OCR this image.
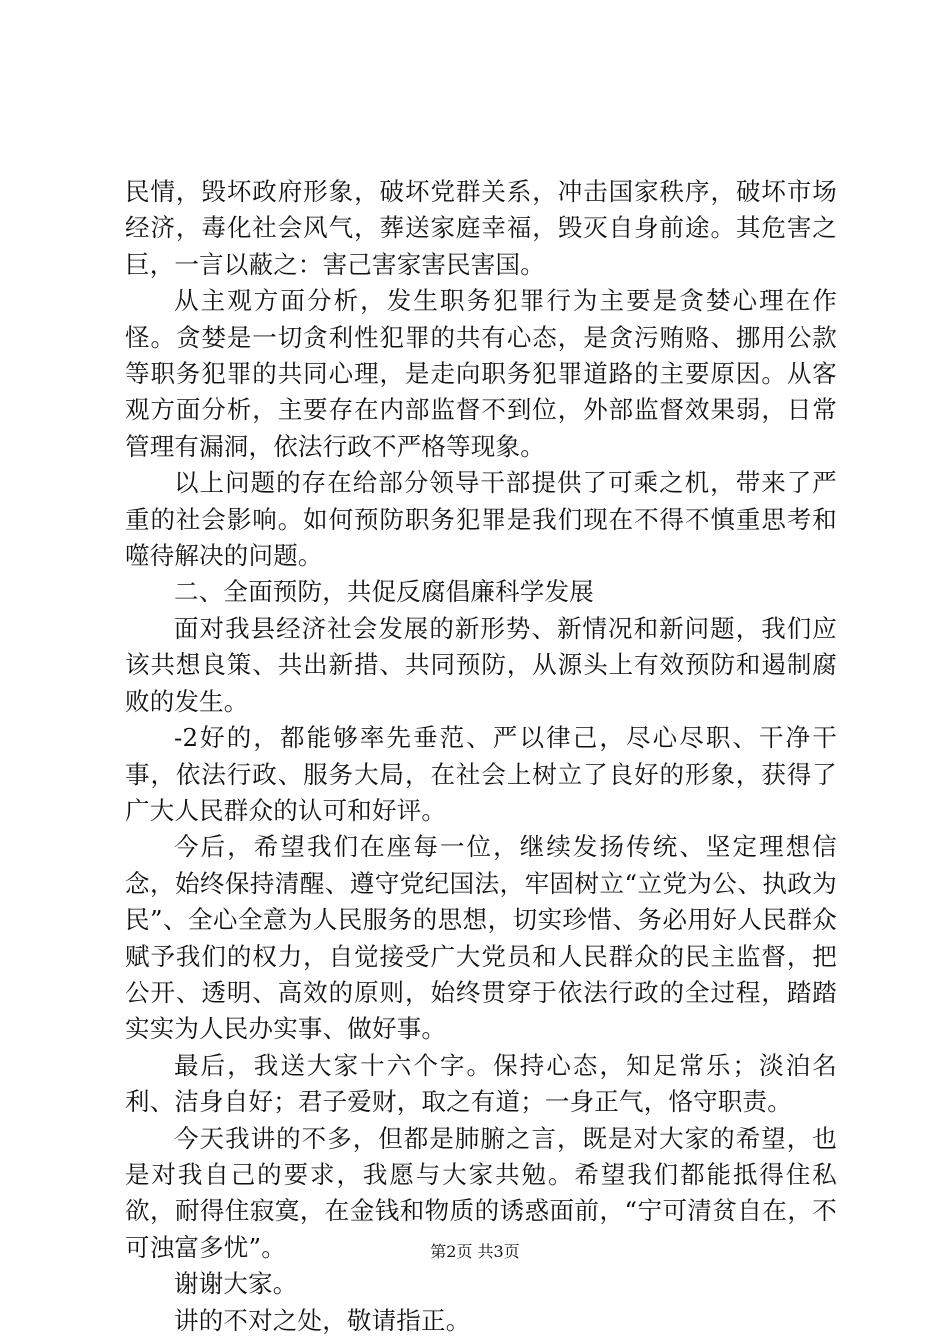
民情，毁坏政府形象，破坏党群关系，冲击国家秩序，破坏市场经济，毒化社会风气，葬送家庭幸福，毁灭自身前途。其危害之巨，一言以蔽之：害己害家害民害国。

从主观方面分析，发生职务犯罪行为主要是贪婪心理在作怪。贪婪是一切贪利性犯罪的共有心态，是贪污贿赂、挪用公款等职务犯罪的共同心理，是走向职务犯罪道路的主要原因。从客观方面分析，主要存在内部监督不到位，外部监督效果弱，日常管理有漏洞，依法行政不严格等现象。

以上问题的存在给部分领导干部提供了可乘之机，带来了严重的社会影响。如何预防职务犯罪是我们现在不得不慎重思考和噬待解决的问题。

二、全面预防，共促反腐倡廉科学发展

面对我县经济社会发展的新形势、新情况和新问题，我们应该共想良策、共出新措、共同预防，从源头上有效预防和遏制腐败的发生。

-2好的，都能够率先垂范、严以律己，尽心尽职、干净干事，依法行政、服务大局，在社会上树立了良好的形象，获得了广大人民群众的认可和好评。

今后，希望我们在座每一位，继续发扬传统、坚定理想信念，始终保持清醒、遵守党纪国法，牢固树立“立党为公、执政为民”、全心全意为人民服务的思想，切实珍惜、务必用好人民群众赋予我们的权力，自觉接受广大党员和人民群众的民主监督，把公开、透明、高效的原则，始终贯穿于依法行政的全过程，踏踏实实为人民办实事、做好事。

最后，我送大家十六个字。保持心态，知足常乐；淡泊名利、洁身自好；君子爱财，取之有道；一身正气，恪守职责。

今天我讲的不多，但都是肺腑之言，既是对大家的希望，也是对我自己的要求，我愿与大家共勉。希望我们都能抵得住私欲，耐得住寂寞，在金钱和物质的诱惑面前，“宁可清贫自在，不可浊富多忧”。

谢谢大家。

讲的不对之处，敬请指正。

第2页 共3页
